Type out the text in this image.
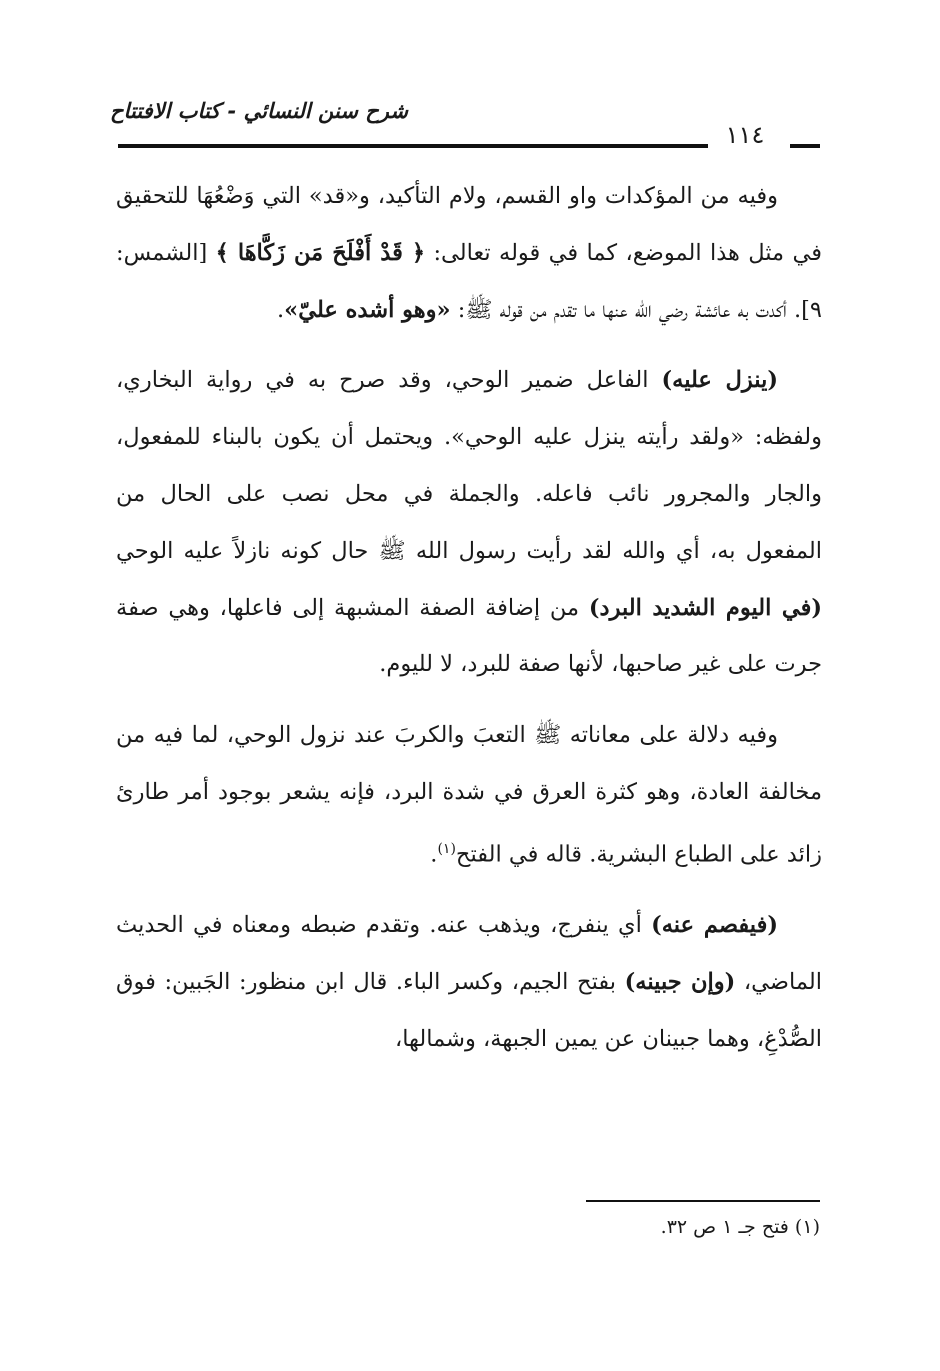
شرح سنن النسائي - كتاب الافتتاح
١١٤

وفيه من المؤكدات واو القسم، ولام التأكيد، و«قد» التي وَضْعُهَا للتحقيق في مثل هذا الموضع، كما في قوله تعالى: ﴿ قَدْ أَفْلَحَ مَن زَكَّاهَا ﴾ [الشمس: ٩]. أكدت به عائشة رضي الله عنها ما تقدم من قوله ﷺ: «وهو أشده عليّ».

(ينزل عليه) الفاعل ضمير الوحي، وقد صرح به في رواية البخاري، ولفظه: «ولقد رأيته ينزل عليه الوحي». ويحتمل أن يكون بالبناء للمفعول، والجار والمجرور نائب فاعله. والجملة في محل نصب على الحال من المفعول به، أي والله لقد رأيت رسول الله ﷺ حال كونه نازلاً عليه الوحي (في اليوم الشديد البرد) من إضافة الصفة المشبهة إلى فاعلها، وهي صفة جرت على غير صاحبها، لأنها صفة للبرد، لا لليوم.

وفيه دلالة على معاناته ﷺ التعبَ والكربَ عند نزول الوحي، لما فيه من مخالفة العادة، وهو كثرة العرق في شدة البرد، فإنه يشعر بوجود أمر طارئ زائد على الطباع البشرية. قاله في الفتح$^{(١)}$.

(فيفصم عنه) أي ينفرج، ويذهب عنه. وتقدم ضبطه ومعناه في الحديث الماضي، (وإن جبينه) بفتح الجيم، وكسر الباء. قال ابن منظور: الجَبين: فوق الصُّدْغِ، وهما جبينان عن يمين الجبهة، وشمالها،

(١) فتح جـ ١ ص ٣٢.
